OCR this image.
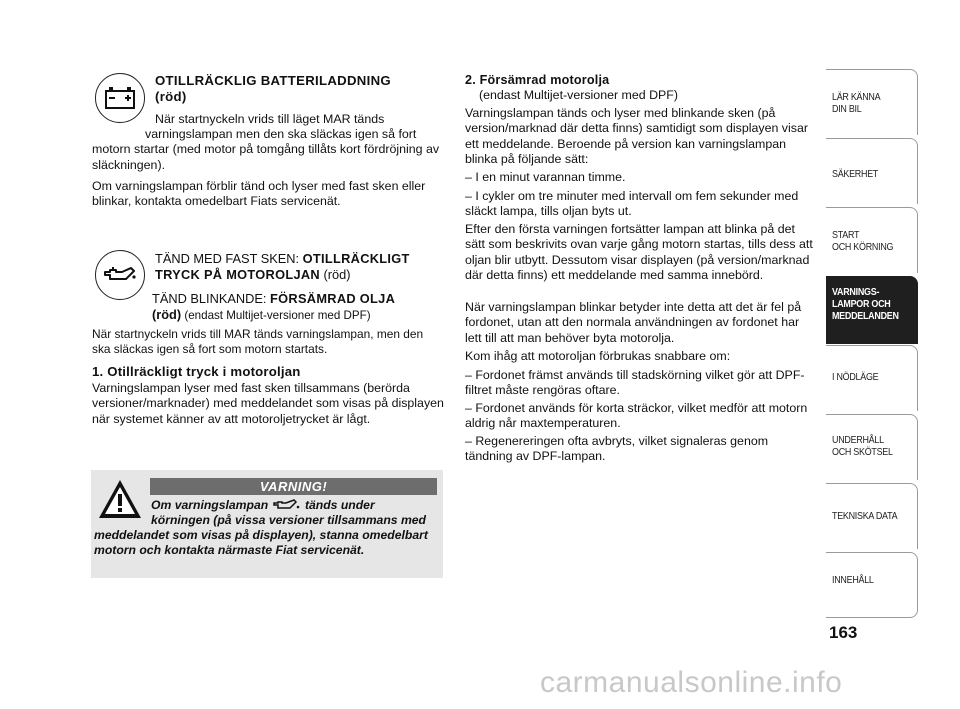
OTILLRÄCKLIG BATTERILADDNING
(röd)

När startnyckeln vrids till läget MAR tänds

varningslampan men den ska släckas igen så fort motorn startar (med motor på tomgång tillåts kort fördröjning av släckningen).

Om varningslampan förblir tänd och lyser med fast sken eller blinkar, kontakta omedelbart Fiats servicenät.

TÄND MED FAST SKEN: OTILLRÄCKLIGT TRYCK PÅ MOTOROLJAN (röd)

TÄND BLINKANDE: FÖRSÄMRAD OLJA
(röd) (endast Multijet-versioner med DPF)

När startnyckeln vrids till MAR tänds varningslampan, men den ska släckas igen så fort som motorn startats.

1. Otillräckligt tryck i motoroljan

Varningslampan lyser med fast sken tillsammans (berörda versioner/marknader) med meddelandet som visas på displayen när systemet känner av att motoroljetrycket är lågt.

VARNING!

Om varningslampan	tänds under

körningen (på vissa versioner tillsammans med meddelandet som visas på displayen), stanna omedelbart motorn och kontakta närmaste Fiat servicenät.

2. Försämrad motorolja

(endast Multijet-versioner med DPF)

Varningslampan tänds och lyser med blinkande sken (på version/marknad där detta finns) samtidigt som displayen visar ett meddelande. Beroende på version kan varningslampan blinka på följande sätt:

– I en minut varannan timme.

– I cykler om tre minuter med intervall om fem sekunder med släckt lampa, tills oljan byts ut.

Efter den första varningen fortsätter lampan att blinka på det sätt som beskrivits ovan varje gång motorn startas, tills dess att oljan blir utbytt. Dessutom visar displayen (på version/marknad där detta finns) ett meddelande med samma innebörd.

När varningslampan blinkar betyder inte detta att det är fel på fordonet, utan att den normala användningen av fordonet har lett till att man behöver byta motorolja.

Kom ihåg att motoroljan förbrukas snabbare om:

– Fordonet främst används till stadskörning vilket gör att DPF-filtret måste rengöras oftare.

– Fordonet används för korta sträckor, vilket medför att motorn aldrig når maxtemperaturen.

– Regenereringen ofta avbryts, vilket signaleras genom tändning av DPF-lampan.

LÄR KÄNNA
DIN BIL
SÄKERHET
START
OCH KÖRNING
VARNINGS-
LAMPOR OCH
MEDDELANDEN
I NÖDLÄGE
UNDERHÅLL
OCH SKÖTSEL
TEKNISKA DATA
INNEHÅLL
163
carmanualsonline.info
